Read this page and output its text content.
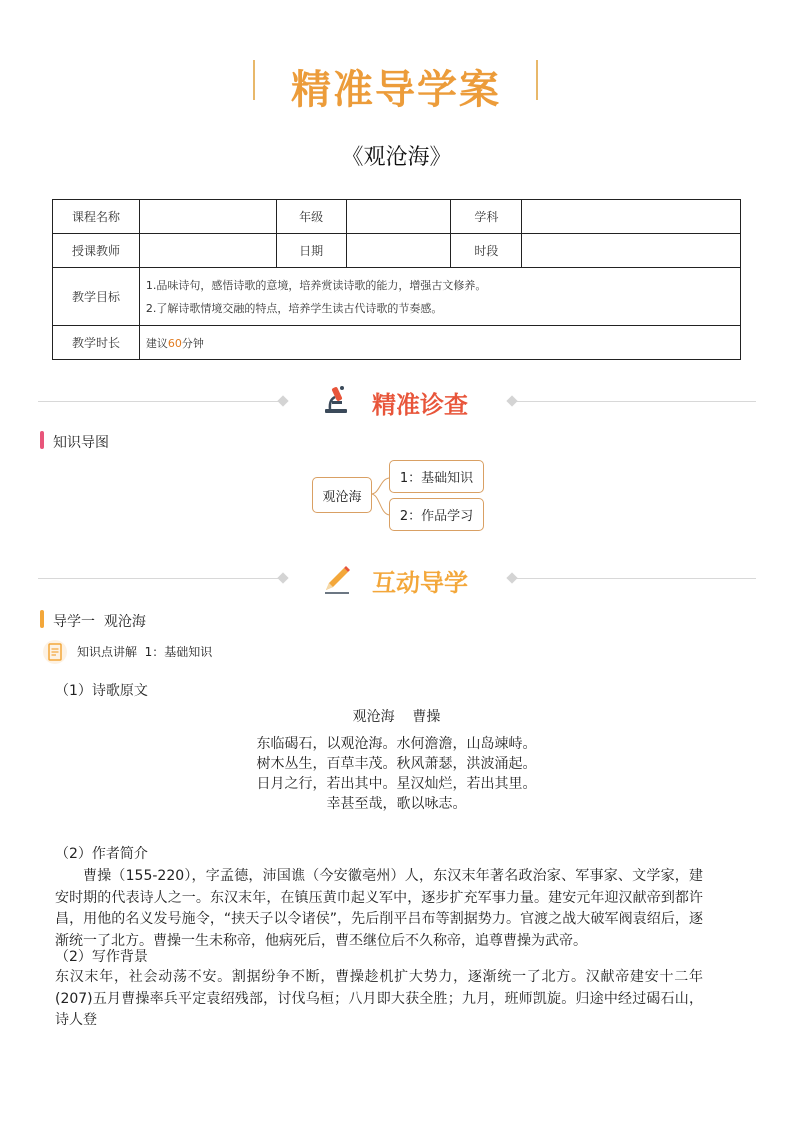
精准导学案
《观沧海》
课程名称		年级		学科	
授课教师		日期		时段	
教学目标	1.品味诗句，感悟诗歌的意境，培养赏读诗歌的能力，增强古文修养。
2.了解诗歌情境交融的特点，培养学生读古代诗歌的节奏感。				

教学时长	建议60分钟				
精准诊查
知识导图
观沧海
1：基础知识
2：作品学习
互动导学
导学一  观沧海
知识点讲解  1：基础知识
（1）诗歌原文
观沧海    曹操
东临碣石，以观沧海。水何澹澹，山岛竦峙。
树木丛生，百草丰茂。秋风萧瑟，洪波涌起。
日月之行，若出其中。星汉灿烂，若出其里。
幸甚至哉，歌以咏志。
（2）作者简介
曹操（155-220），字孟德，沛国谯（今安徽亳州）人，东汉末年著名政治家、军事家、文学家，建安时期的代表诗人之一。东汉末年，在镇压黄巾起义军中，逐步扩充军事力量。建安元年迎汉献帝到都许昌，用他的名义发号施令，“挟天子以令诸侯”，先后削平吕布等割据势力。官渡之战大破军阀袁绍后，逐渐统一了北方。曹操一生未称帝，他病死后，曹丕继位后不久称帝，追尊曹操为武帝。
（2）写作背景
东汉末年，社会动荡不安。割据纷争不断，曹操趁机扩大势力，逐渐统一了北方。汉献帝建安十二年(207)五月曹操率兵平定袁绍残部，讨伐乌桓；八月即大获全胜；九月，班师凯旋。归途中经过碣石山，诗人登
